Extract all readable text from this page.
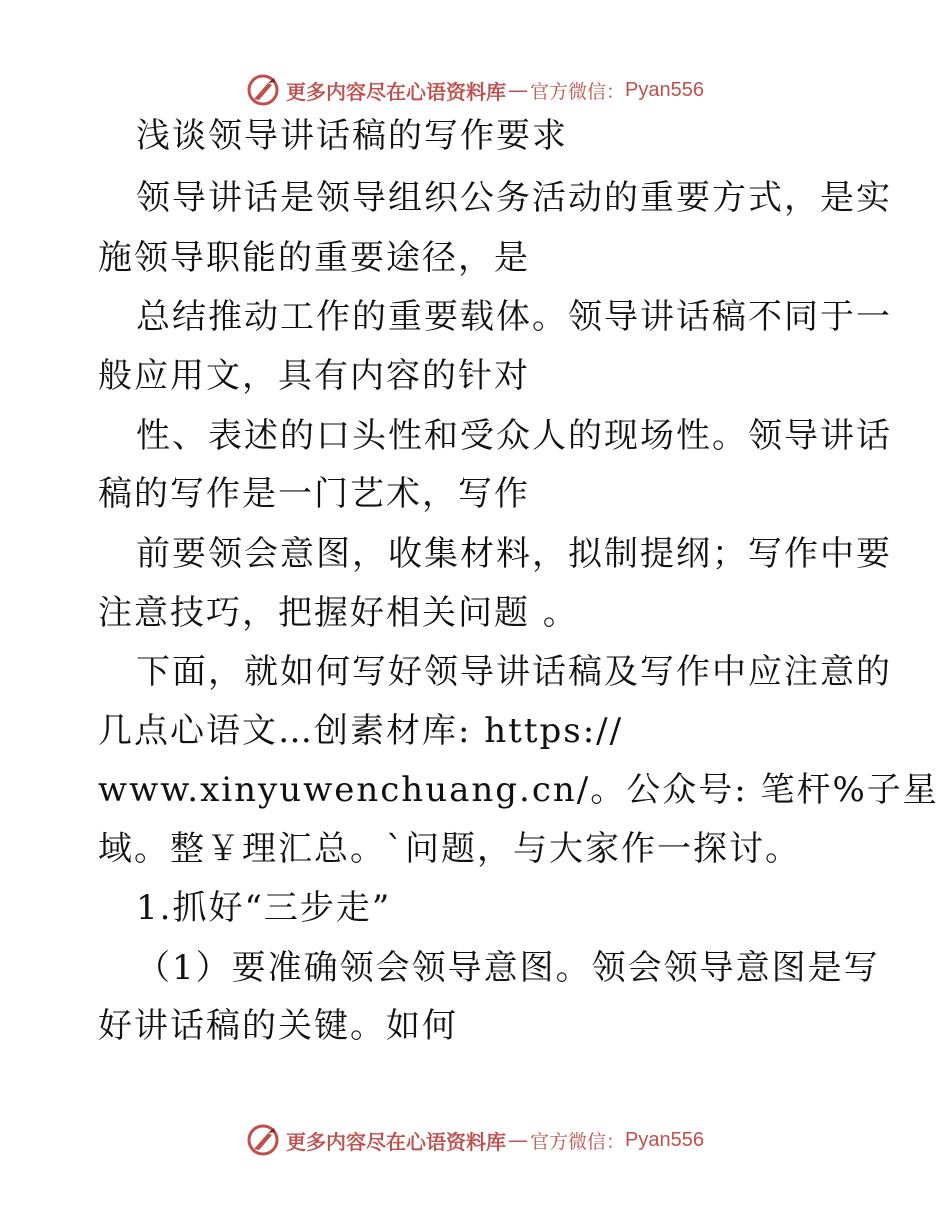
更多内容尽在心语资料库 — 官方微信： Pyan556
浅谈领导讲话稿的写作要求
领导讲话是领导组织公务活动的重要方式，是实
施领导职能的重要途径，是
总结推动工作的重要载体。领导讲话稿不同于一
般应用文，具有内容的针对
性、表述的口头性和受众人的现场性。领导讲话
稿的写作是一门艺术，写作
前要领会意图，收集材料，拟制提纲；写作中要
注意技巧，把握好相关问题 。
下面，就如何写好领导讲话稿及写作中应注意的
几点心语文…创素材库: https://
www.xinyuwenchuang.cn/。公众号: 笔杆%子星
域。整￥理汇总。`问题，与大家作一探讨。
1.抓好“三步走”
（1）要准确领会领导意图。领会领导意图是写
好讲话稿的关键。如何
更多内容尽在心语资料库 — 官方微信： Pyan556
